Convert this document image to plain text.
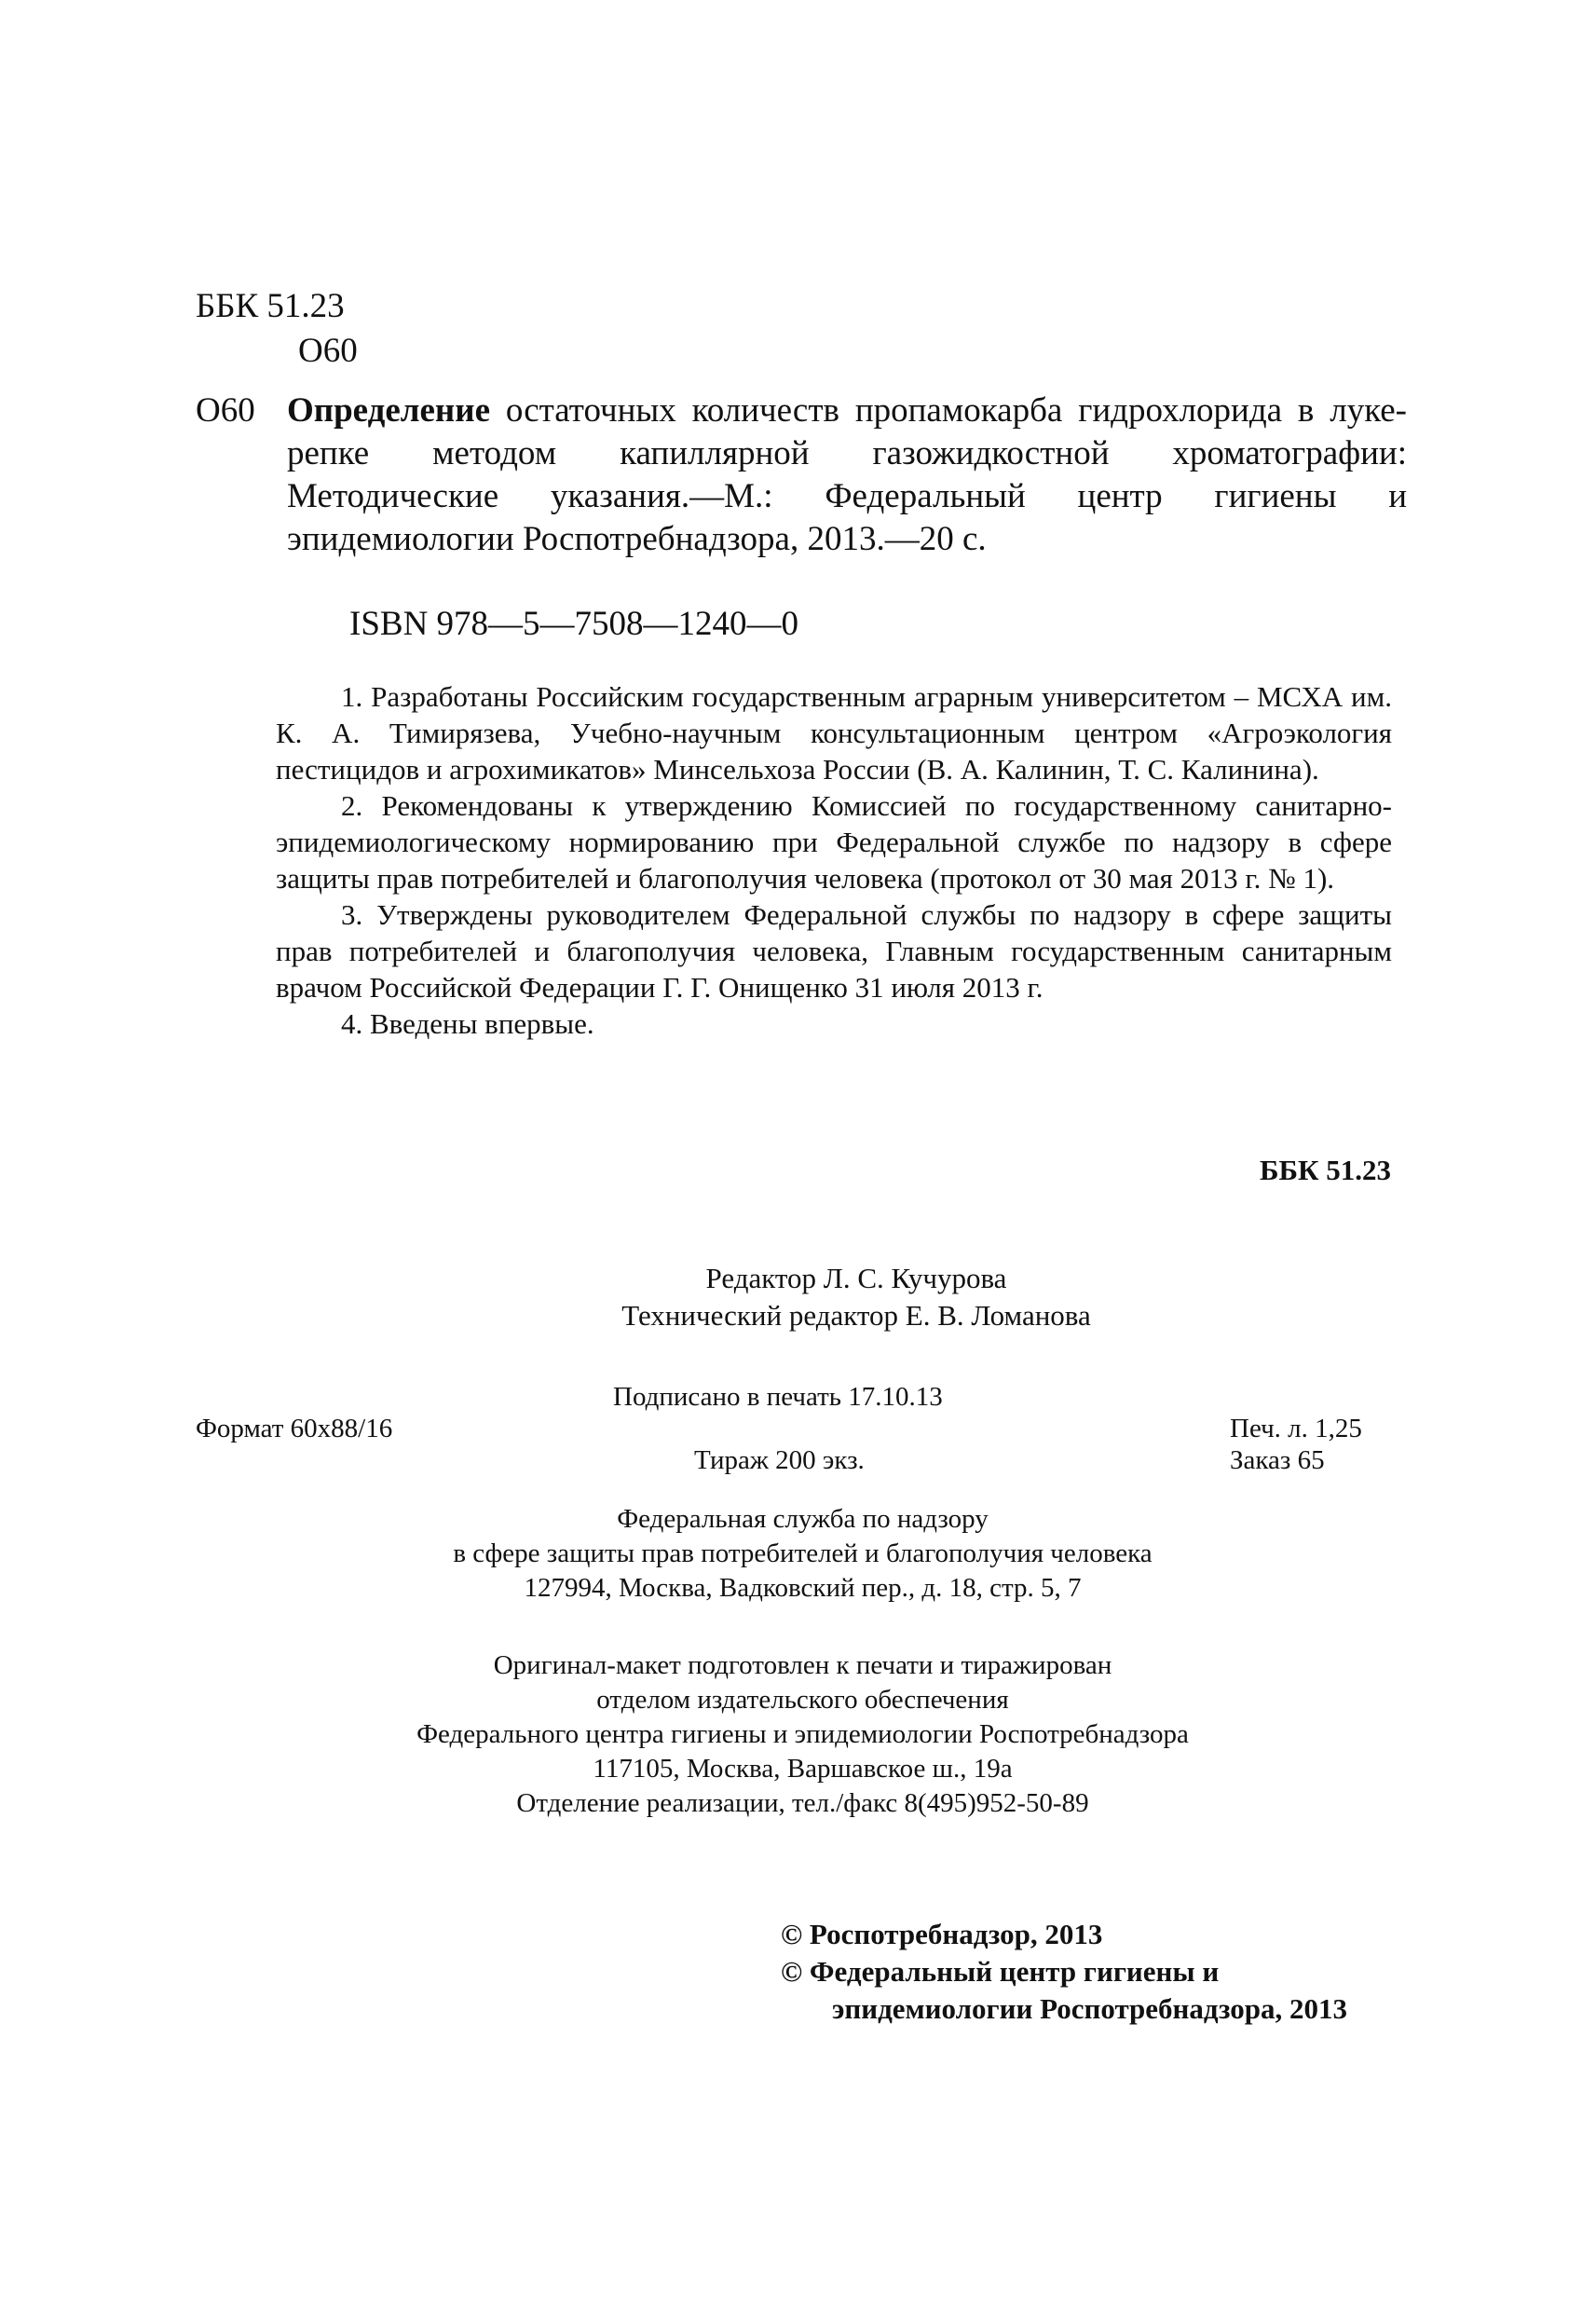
ББК 51.23
О60
О60 Определение остаточных количеств пропамокарба гидрохлорида в луке-репке методом капиллярной газожидкостной хроматографии: Методические указания.—М.: Федеральный центр гигиены и эпидемиологии Роспотребнадзора, 2013.—20 с.
ISBN 978—5—7508—1240—0

1. Разработаны Российским государственным аграрным университетом – МСХА им. К. А. Тимирязева, Учебно-научным консультационным центром «Агроэкология пестицидов и агрохимикатов» Минсельхоза России (В. А. Калинин, Т. С. Калинина).

2. Рекомендованы к утверждению Комиссией по государственному санитарно-эпидемиологическому нормированию при Федеральной службе по надзору в сфере защиты прав потребителей и благополучия человека (протокол от 30 мая 2013 г. № 1).

3. Утверждены руководителем Федеральной службы по надзору в сфере защиты прав потребителей и благополучия человека, Главным государственным санитарным врачом Российской Федерации Г. Г. Онищенко 31 июля 2013 г.

4. Введены впервые.

ББК 51.23
Редактор Л. С. Кучурова
Технический редактор Е. В. Ломанова
Подписано в печать 17.10.13
Формат 60х88/16	Печ. л. 1,25
Тираж 200 экз.	Заказ 65
Федеральная служба по надзору
в сфере защиты прав потребителей и благополучия человека
127994, Москва, Вадковский пер., д. 18, стр. 5, 7
Оригинал-макет подготовлен к печати и тиражирован
отделом издательского обеспечения
Федерального центра гигиены и эпидемиологии Роспотребнадзора
117105, Москва, Варшавское ш., 19а
Отделение реализации, тел./факс 8(495)952-50-89
© Роспотребнадзор, 2013
© Федеральный центр гигиены и
эпидемиологии Роспотребнадзора, 2013
